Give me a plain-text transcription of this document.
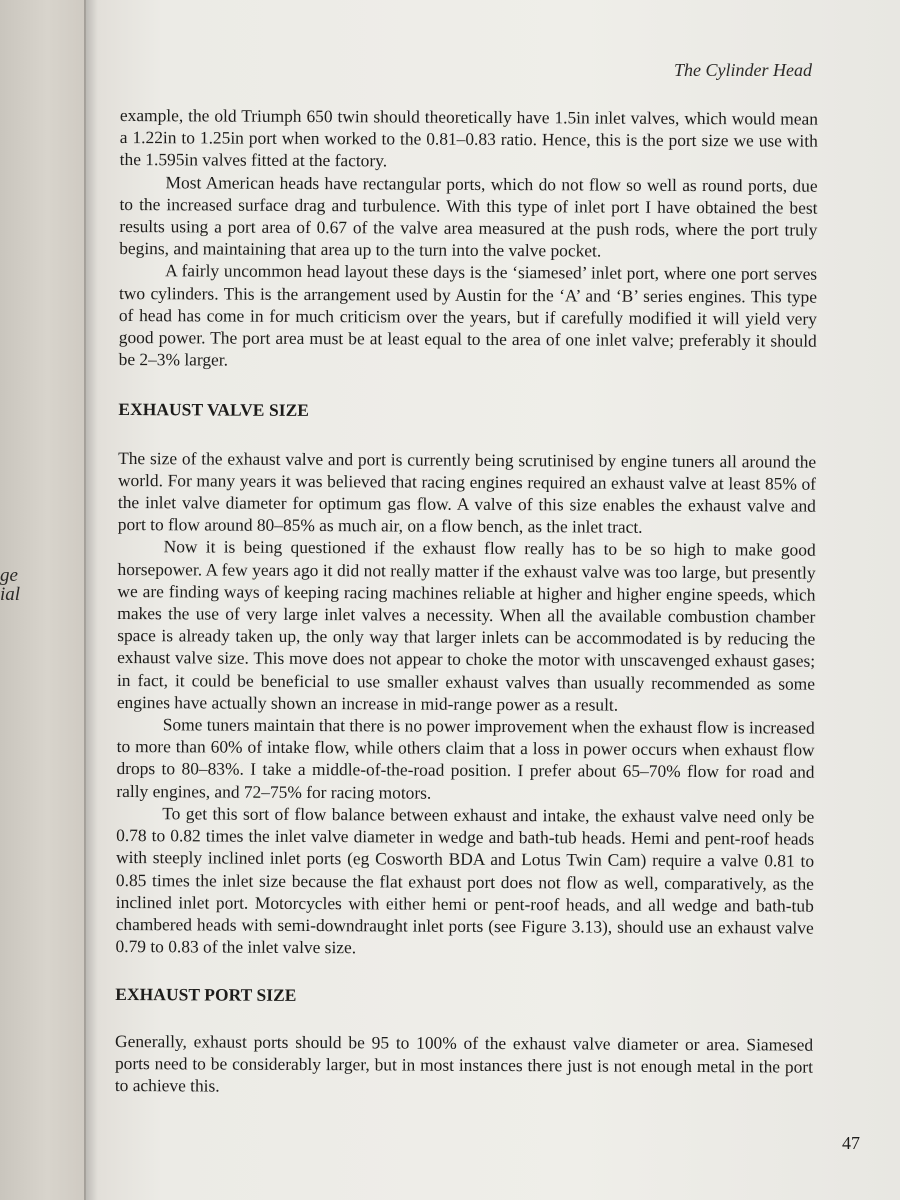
ge
ial
The Cylinder Head
47

example, the old Triumph 650 twin should theoretically have 1.5in inlet valves, which would mean a 1.22in to 1.25in port when worked to the 0.81–0.83 ratio. Hence, this is the port size we use with the 1.595in valves fitted at the factory.

Most American heads have rectangular ports, which do not flow so well as round ports, due to the increased surface drag and turbulence. With this type of inlet port I have obtained the best results using a port area of 0.67 of the valve area measured at the push rods, where the port truly begins, and maintaining that area up to the turn into the valve pocket.

A fairly uncommon head layout these days is the ‘siamesed’ inlet port, where one port serves two cylinders. This is the arrangement used by Austin for the ‘A’ and ‘B’ series engines. This type of head has come in for much criticism over the years, but if carefully modified it will yield very good power. The port area must be at least equal to the area of one inlet valve; preferably it should be 2–3% larger.

EXHAUST VALVE SIZE

The size of the exhaust valve and port is currently being scrutinised by engine tuners all around the world. For many years it was believed that racing engines required an exhaust valve at least 85% of the inlet valve diameter for optimum gas flow. A valve of this size enables the exhaust valve and port to flow around 80–85% as much air, on a flow bench, as the inlet tract.

Now it is being questioned if the exhaust flow really has to be so high to make good horsepower. A few years ago it did not really matter if the exhaust valve was too large, but presently we are finding ways of keeping racing machines reliable at higher and higher engine speeds, which makes the use of very large inlet valves a necessity. When all the available combustion chamber space is already taken up, the only way that larger inlets can be accommodated is by reducing the exhaust valve size. This move does not appear to choke the motor with unscavenged exhaust gases; in fact, it could be beneficial to use smaller exhaust valves than usually recommended as some engines have actually shown an increase in mid-range power as a result.

Some tuners maintain that there is no power improvement when the exhaust flow is increased to more than 60% of intake flow, while others claim that a loss in power occurs when exhaust flow drops to 80–83%. I take a middle-of-the-road position. I prefer about 65–70% flow for road and rally engines, and 72–75% for racing motors.

To get this sort of flow balance between exhaust and intake, the exhaust valve need only be 0.78 to 0.82 times the inlet valve diameter in wedge and bath-tub heads. Hemi and pent-roof heads with steeply inclined inlet ports (eg Cosworth BDA and Lotus Twin Cam) require a valve 0.81 to 0.85 times the inlet size because the flat exhaust port does not flow as well, comparatively, as the inclined inlet port. Motorcycles with either hemi or pent-roof heads, and all wedge and bath-tub chambered heads with semi-downdraught inlet ports (see Figure 3.13), should use an exhaust valve 0.79 to 0.83 of the inlet valve size.

EXHAUST PORT SIZE

Generally, exhaust ports should be 95 to 100% of the exhaust valve diameter or area. Siamesed ports need to be considerably larger, but in most instances there just is not enough metal in the port to achieve this.
